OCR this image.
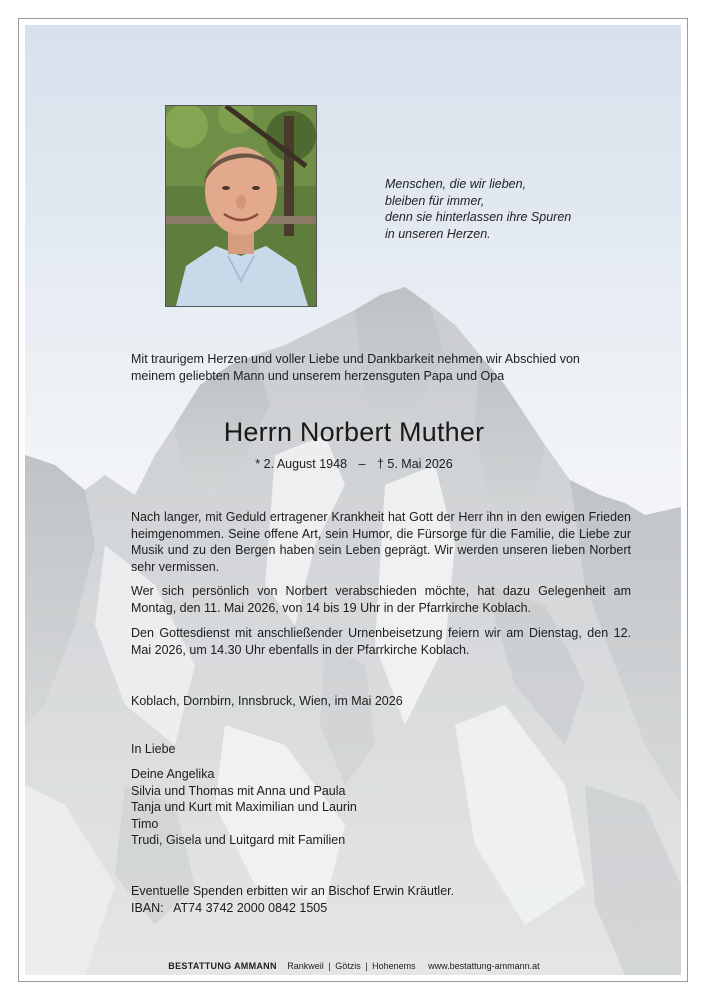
Menschen, die wir lieben,
bleiben für immer,
denn sie hinterlassen ihre Spuren
in unseren Herzen.
Mit traurigem Herzen und voller Liebe und Dankbarkeit nehmen wir Abschied von
meinem geliebten Mann und unserem herzensguten Papa und Opa
Herrn Norbert Muther
* 2. August 1948 – † 5. Mai 2026
Nach langer, mit Geduld ertragener Krankheit hat Gott der Herr ihn in den ewigen Frieden heimgenommen. Seine offene Art, sein Humor, die Fürsorge für die Familie, die Liebe zur Musik und zu den Bergen haben sein Leben geprägt. Wir werden unseren lieben Norbert sehr vermissen.
Wer sich persönlich von Norbert verabschieden möchte, hat dazu Gelegenheit am Montag, den 11. Mai 2026, von 14 bis 19 Uhr in der Pfarrkirche Koblach.
Den Gottesdienst mit anschließender Urnenbeisetzung feiern wir am Dienstag, den 12. Mai 2026, um 14.30 Uhr ebenfalls in der Pfarrkirche Koblach.
Koblach, Dornbirn, Innsbruck, Wien, im Mai 2026
In Liebe
Deine Angelika
Silvia und Thomas mit Anna und Paula
Tanja und Kurt mit Maximilian und Laurin
Timo
Trudi, Gisela und Luitgard mit Familien
Eventuelle Spenden erbitten wir an Bischof Erwin Kräutler.
IBAN: AT74 3742 2000 0842 1505
BESTATTUNG AMMANN Rankweil | Götzis | Hohenems www.bestattung-ammann.at
